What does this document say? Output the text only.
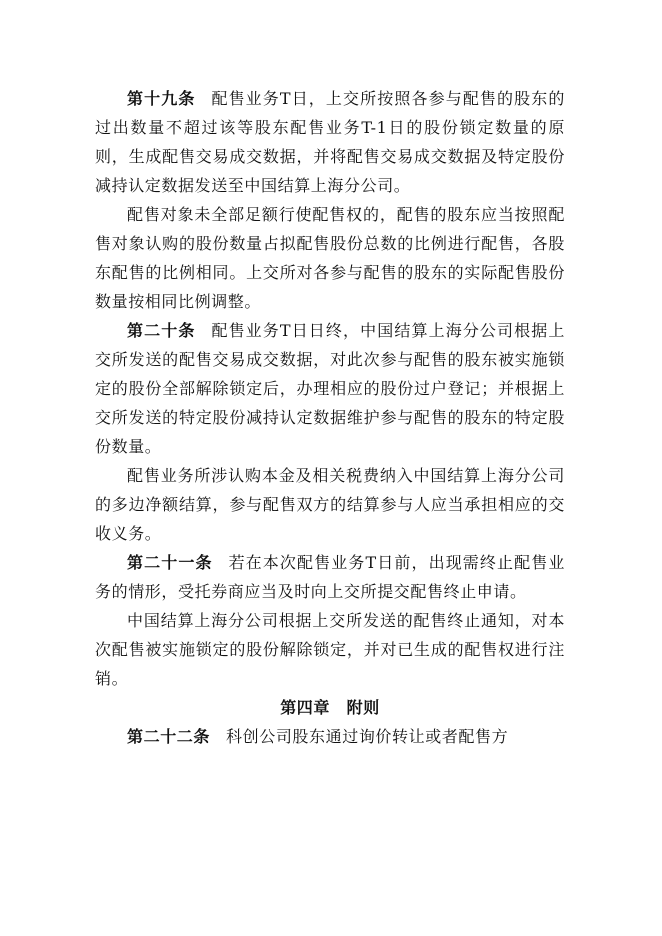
第十九条 配售业务T日，上交所按照各参与配售的股东的过出数量不超过该等股东配售业务T-1日的股份锁定数量的原则，生成配售交易成交数据，并将配售交易成交数据及特定股份减持认定数据发送至中国结算上海分公司。

配售对象未全部足额行使配售权的，配售的股东应当按照配售对象认购的股份数量占拟配售股份总数的比例进行配售，各股东配售的比例相同。上交所对各参与配售的股东的实际配售股份数量按相同比例调整。

第二十条 配售业务T日日终，中国结算上海分公司根据上交所发送的配售交易成交数据，对此次参与配售的股东被实施锁定的股份全部解除锁定后，办理相应的股份过户登记；并根据上交所发送的特定股份减持认定数据维护参与配售的股东的特定股份数量。

配售业务所涉认购本金及相关税费纳入中国结算上海分公司的多边净额结算，参与配售双方的结算参与人应当承担相应的交收义务。

第二十一条 若在本次配售业务T日前，出现需终止配售业务的情形，受托券商应当及时向上交所提交配售终止申请。

中国结算上海分公司根据上交所发送的配售终止通知，对本次配售被实施锁定的股份解除锁定，并对已生成的配售权进行注销。

第四章　附则

第二十二条 科创公司股东通过询价转让或者配售方
